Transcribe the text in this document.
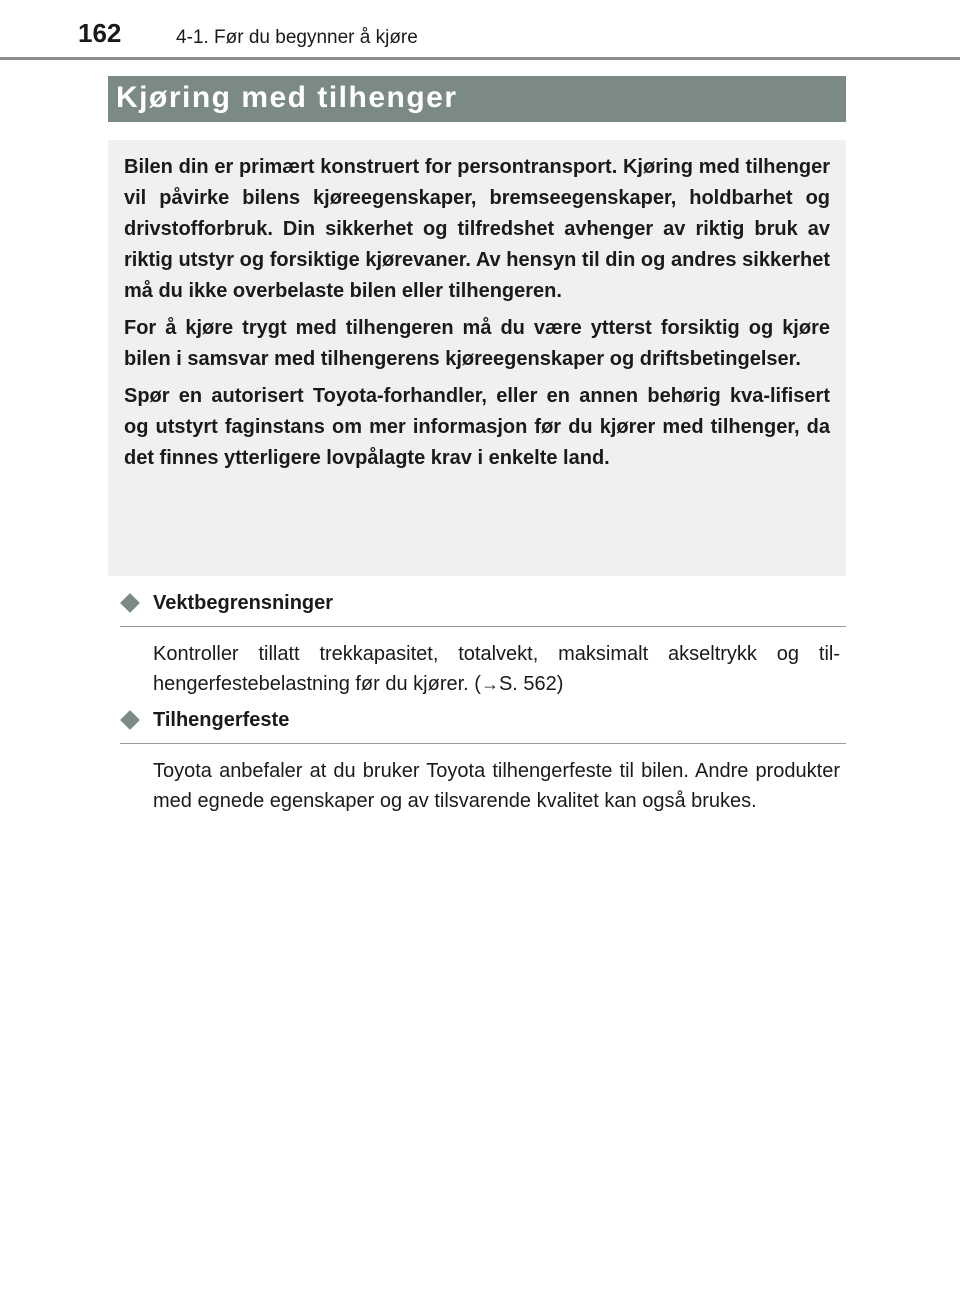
162	4-1. Før du begynner å kjøre
Kjøring med tilhenger

Bilen din er primært konstruert for persontransport. Kjøring med tilhenger vil påvirke bilens kjøreegenskaper, bremseegenskaper, holdbarhet og drivstofforbruk. Din sikkerhet og tilfredshet avhenger av riktig bruk av riktig utstyr og forsiktige kjørevaner. Av hensyn til din og andres sikkerhet må du ikke overbelaste bilen eller tilhengeren.

For å kjøre trygt med tilhengeren må du være ytterst forsiktig og kjøre bilen i samsvar med tilhengerens kjøreegenskaper og driftsbetingelser.

Spør en autorisert Toyota-forhandler, eller en annen behørig kva-lifisert og utstyrt faginstans om mer informasjon før du kjører med tilhenger, da det finnes ytterligere lovpålagte krav i enkelte land.

Vektbegrensninger
Kontroller tillatt trekkapasitet, totalvekt, maksimalt akseltrykk og til-hengerfestebelastning før du kjører. (→S. 562)
Tilhengerfeste
Toyota anbefaler at du bruker Toyota tilhengerfeste til bilen. Andre produkter med egnede egenskaper og av tilsvarende kvalitet kan også brukes.
